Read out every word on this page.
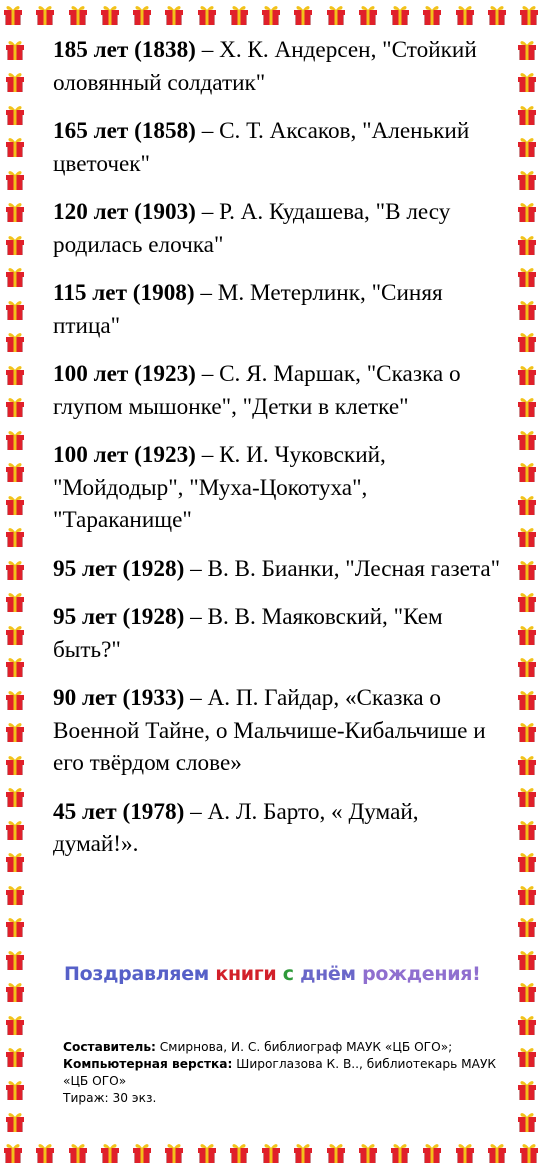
185 лет (1838) – Х. К. Андерсен, "Стойкий оловянный солдатик"
165 лет (1858) – С. Т. Аксаков, "Аленький цветочек"
120 лет (1903) – Р. А. Кудашева, "В лесу родилась елочка"
115 лет (1908) – М. Метерлинк, "Синяя птица"
100 лет (1923) – С. Я. Маршак, "Сказка о глупом мышонке", "Детки в клетке"
100 лет (1923) – К. И. Чуковский, "Мойдодыр", "Муха-Цокотуха", "Тараканище"
95 лет (1928) – В. В. Бианки, "Лесная газета"
95 лет (1928) – В. В. Маяковский, "Кем быть?"
90 лет (1933) – А. П. Гайдар, «Сказка о Военной Тайне, о Мальчише-Кибальчише и его твёрдом слове»
45 лет (1978) – А. Л. Барто, « Думай, думай!».
Поздравляем книги с днём рождения!
Составитель: Смирнова, И. С. библиограф МАУК «ЦБ ОГО»;
Компьютерная верстка: Широглазова К. В.., библиотекарь МАУК «ЦБ ОГО»
Тираж: 30 экз.
